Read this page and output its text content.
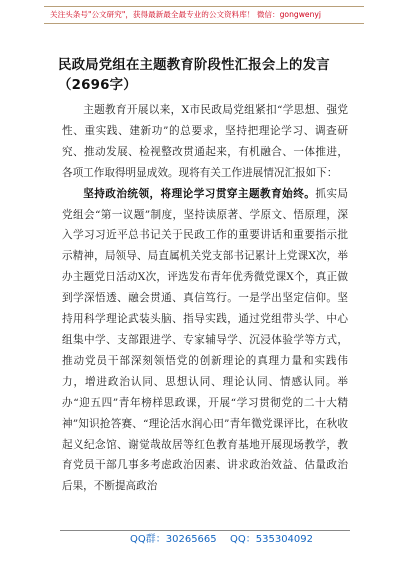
关注头条号"公文研究"，获得最新最全最专业的公文资料库！ 微信：gongwenyj
民政局党组在主题教育阶段性汇报会上的发言（2696字）

主题教育开展以来，X市民政局党组紧扣“学思想、强党性、重实践、建新功”的总要求，坚持把理论学习、调查研究、推动发展、检视整改贯通起来，有机融合、一体推进，各项工作取得明显成效。现将有关工作进展情况汇报如下：

坚持政治统领，将理论学习贯穿主题教育始终。抓实局党组会“第一议题”制度，坚持读原著、学原文、悟原理，深入学习习近平总书记关于民政工作的重要讲话和重要指示批示精神，局领导、局直属机关党支部书记累计上党课X次，举办主题党日活动X次，评选发布青年优秀微党课X个，真正做到学深悟透、融会贯通、真信笃行。一是学出坚定信仰。坚持用科学理论武装头脑、指导实践，通过党组带头学、中心组集中学、支部跟进学、专家辅导学、沉浸体验学等方式，推动党员干部深刻领悟党的创新理论的真理力量和实践伟力，增进政治认同、思想认同、理论认同、情感认同。举办“迎五四”青年榜样思政课，开展“学习贯彻党的二十大精神”知识抢答赛、“理论活水润心田”青年微党课评比，在秋收起义纪念馆、谢觉哉故居等红色教育基地开展现场教学，教育党员干部几事多考虑政治因素、讲求政治效益、估量政治后果，不断提高政治

QQ群：30265665 QQ：535304092
